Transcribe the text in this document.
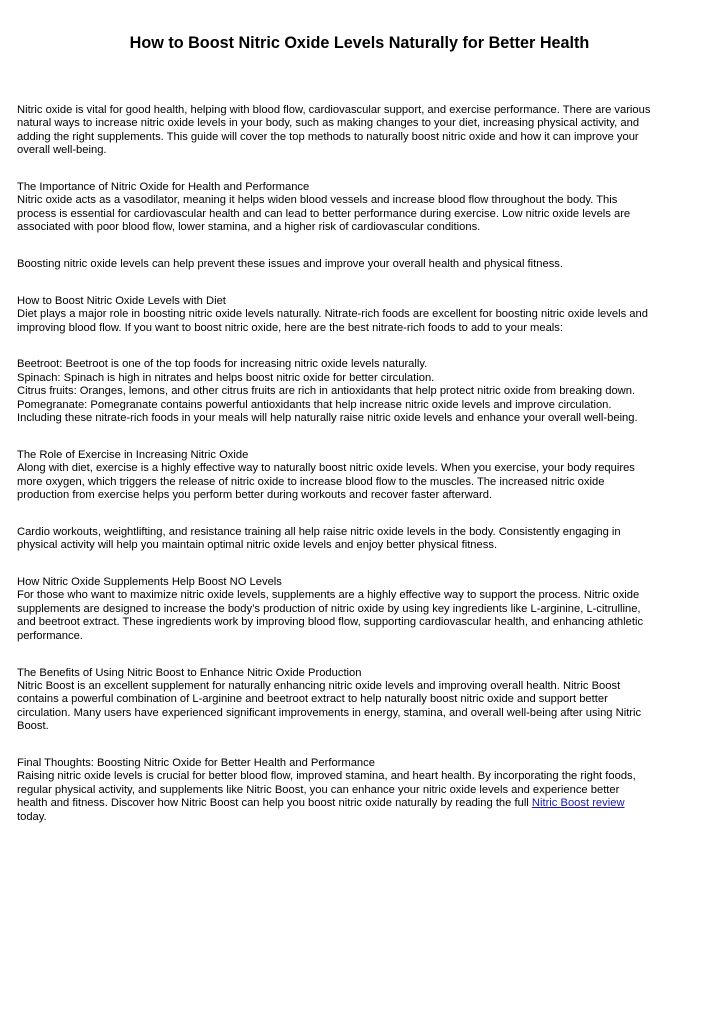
How to Boost Nitric Oxide Levels Naturally for Better Health

Nitric oxide is vital for good health, helping with blood flow, cardiovascular support, and exercise performance. There are various
natural ways to increase nitric oxide levels in your body, such as making changes to your diet, increasing physical activity, and
adding the right supplements. This guide will cover the top methods to naturally boost nitric oxide and how it can improve your
overall well-being.

The Importance of Nitric Oxide for Health and Performance
Nitric oxide acts as a vasodilator, meaning it helps widen blood vessels and increase blood flow throughout the body. This
process is essential for cardiovascular health and can lead to better performance during exercise. Low nitric oxide levels are
associated with poor blood flow, lower stamina, and a higher risk of cardiovascular conditions.

Boosting nitric oxide levels can help prevent these issues and improve your overall health and physical fitness.

How to Boost Nitric Oxide Levels with Diet
Diet plays a major role in boosting nitric oxide levels naturally. Nitrate-rich foods are excellent for boosting nitric oxide levels and
improving blood flow. If you want to boost nitric oxide, here are the best nitrate-rich foods to add to your meals:

Beetroot: Beetroot is one of the top foods for increasing nitric oxide levels naturally.
Spinach: Spinach is high in nitrates and helps boost nitric oxide for better circulation.
Citrus fruits: Oranges, lemons, and other citrus fruits are rich in antioxidants that help protect nitric oxide from breaking down.
Pomegranate: Pomegranate contains powerful antioxidants that help increase nitric oxide levels and improve circulation.
Including these nitrate-rich foods in your meals will help naturally raise nitric oxide levels and enhance your overall well-being.

The Role of Exercise in Increasing Nitric Oxide
Along with diet, exercise is a highly effective way to naturally boost nitric oxide levels. When you exercise, your body requires
more oxygen, which triggers the release of nitric oxide to increase blood flow to the muscles. The increased nitric oxide
production from exercise helps you perform better during workouts and recover faster afterward.

Cardio workouts, weightlifting, and resistance training all help raise nitric oxide levels in the body. Consistently engaging in
physical activity will help you maintain optimal nitric oxide levels and enjoy better physical fitness.

How Nitric Oxide Supplements Help Boost NO Levels
For those who want to maximize nitric oxide levels, supplements are a highly effective way to support the process. Nitric oxide
supplements are designed to increase the body’s production of nitric oxide by using key ingredients like L-arginine, L-citrulline,
and beetroot extract. These ingredients work by improving blood flow, supporting cardiovascular health, and enhancing athletic
performance.

The Benefits of Using Nitric Boost to Enhance Nitric Oxide Production
Nitric Boost is an excellent supplement for naturally enhancing nitric oxide levels and improving overall health. Nitric Boost
contains a powerful combination of L-arginine and beetroot extract to help naturally boost nitric oxide and support better
circulation. Many users have experienced significant improvements in energy, stamina, and overall well-being after using Nitric
Boost.

Final Thoughts: Boosting Nitric Oxide for Better Health and Performance
Raising nitric oxide levels is crucial for better blood flow, improved stamina, and heart health. By incorporating the right foods,
regular physical activity, and supplements like Nitric Boost, you can enhance your nitric oxide levels and experience better
health and fitness. Discover how Nitric Boost can help you boost nitric oxide naturally by reading the full Nitric Boost review
today.
